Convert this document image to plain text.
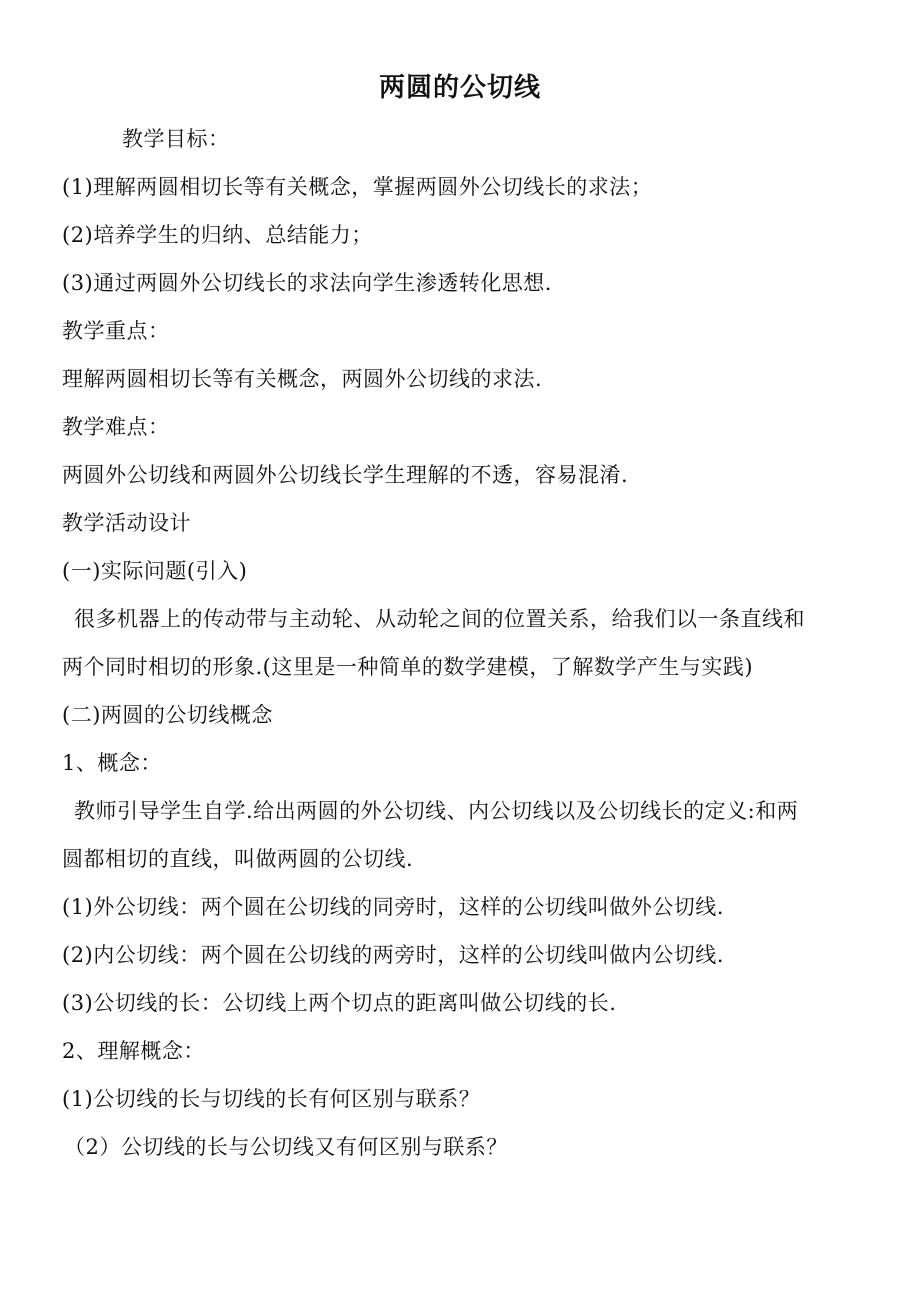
两圆的公切线
教学目标：
(1)理解两圆相切长等有关概念，掌握两圆外公切线长的求法；
(2)培养学生的归纳、总结能力；
(3)通过两圆外公切线长的求法向学生渗透转化思想.
教学重点：
理解两圆相切长等有关概念，两圆外公切线的求法.
教学难点：
两圆外公切线和两圆外公切线长学生理解的不透，容易混淆.
教学活动设计
(一)实际问题(引入)
很多机器上的传动带与主动轮、从动轮之间的位置关系，给我们以一条直线和
两个同时相切的形象.(这里是一种简单的数学建模，了解数学产生与实践)
(二)两圆的公切线概念
1、概念：
教师引导学生自学.给出两圆的外公切线、内公切线以及公切线长的定义:和两
圆都相切的直线，叫做两圆的公切线.
(1)外公切线：两个圆在公切线的同旁时，这样的公切线叫做外公切线.
(2)内公切线：两个圆在公切线的两旁时，这样的公切线叫做内公切线.
(3)公切线的长：公切线上两个切点的距离叫做公切线的长.
2、理解概念：
(1)公切线的长与切线的长有何区别与联系？
（2）公切线的长与公切线又有何区别与联系？
